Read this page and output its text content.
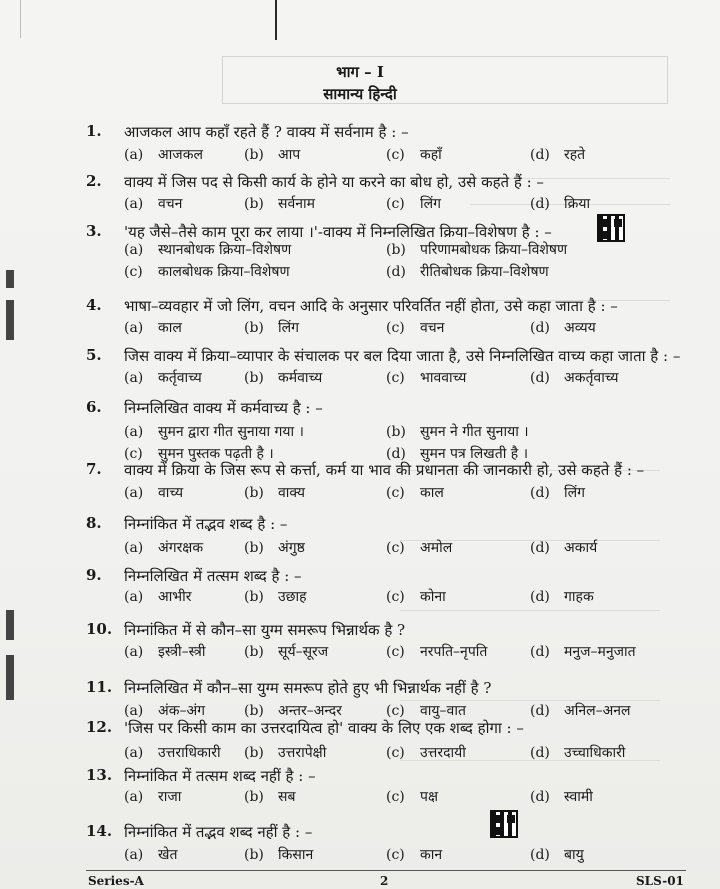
भाग – I
सामान्य हिन्दी
1. आजकल आप कहाँ रहते हैं ? वाक्य में सर्वनाम है : –
(a) आजकल	(b) आप	(c) कहाँ	(d) रहते
2. वाक्य में जिस पद से किसी कार्य के होने या करने का बोध हो, उसे कहते हैं : –
(a) वचन	(b) सर्वनाम	(c) लिंग	(d) क्रिया
3. 'यह जैसे–तैसे काम पूरा कर लाया ।'-वाक्य में निम्नलिखित क्रिया–विशेषण है : –
(a) स्थानबोधक क्रिया–विशेषण	(b) परिणामबोधक क्रिया–विशेषण
(c) कालबोधक क्रिया–विशेषण	(d) रीतिबोधक क्रिया–विशेषण
4. भाषा–व्यवहार में जो लिंग, वचन आदि के अनुसार परिवर्तित नहीं होता, उसे कहा जाता है : –
(a) काल	(b) लिंग	(c) वचन	(d) अव्यय
5. जिस वाक्य में क्रिया–व्यापार के संचालक पर बल दिया जाता है, उसे निम्नलिखित वाच्य कहा जाता है : –
(a) कर्तृवाच्य	(b) कर्मवाच्य	(c) भाववाच्य	(d) अकर्तृवाच्य
6. निम्नलिखित वाक्य में कर्मवाच्य है : –
(a) सुमन द्वारा गीत सुनाया गया ।	(b) सुमन ने गीत सुनाया ।
(c) सुमन पुस्तक पढ़ती है ।	(d) सुमन पत्र लिखती है ।
7. वाक्य में क्रिया के जिस रूप से कर्त्ता, कर्म या भाव की प्रधानता की जानकारी हो, उसे कहते हैं : –
(a) वाच्य	(b) वाक्य	(c) काल	(d) लिंग
8. निम्नांकित में तद्भव शब्द है : –
(a) अंगरक्षक	(b) अंगुष्ठ	(c) अमोल	(d) अकार्य
9. निम्नलिखित में तत्सम शब्द है : –
(a) आभीर	(b) उछाह	(c) कोना	(d) गाहक
10. निम्नांकित में से कौन–सा युग्म समरूप भिन्नार्थक है ?
(a) इस्त्री–स्त्री	(b) सूर्य–सूरज	(c) नरपति–नृपति	(d) मनुज–मनुजात
11. निम्नलिखित में कौन–सा युग्म समरूप होते हुए भी भिन्नार्थक नहीं है ?
(a) अंक–अंग	(b) अन्तर–अन्दर	(c) वायु–वात	(d) अनिल–अनल
12. 'जिस पर किसी काम का उत्तरदायित्व हो' वाक्य के लिए एक शब्द होगा : –
(a) उत्तराधिकारी (b) उत्तरापेक्षी	(c) उत्तरदायी	(d) उच्चाधिकारी
13. निम्नांकित में तत्सम शब्द नहीं है : –
(a) राजा	(b) सब	(c) पक्ष	(d) स्वामी
14. निम्नांकित में तद्भव शब्द नहीं है : –
(a) खेत	(b) किसान	(c) कान	(d) बायु
Series-A	2	SLS-01
